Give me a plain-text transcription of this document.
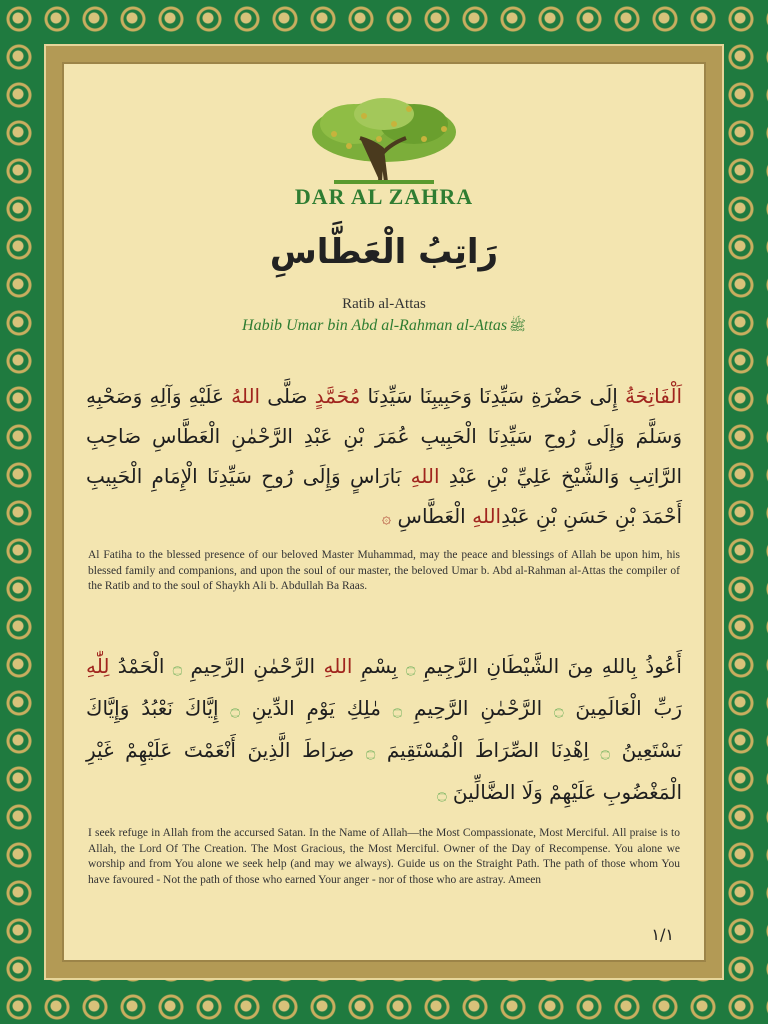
DAR AL ZAHRA
رَاتِبُ الْعَطَّاسِ
Ratib al-Attas
Habib Umar bin Abd al-Rahman al-Attas ﷺ
اَلْفَاتِحَةُ إِلَى حَضْرَةِ سَيِّدِنَا وَحَبِيبِنَا سَيِّدِنَا مُحَمَّدٍ صَلَّى اللهُ عَلَيْهِ وَآلِهِ وَصَحْبِهِ وَسَلَّمَ وَإِلَى رُوحِ سَيِّدِنَا الْحَبِيبِ عُمَرَ بْنِ عَبْدِ الرَّحْمٰنِ الْعَطَّاسِ صَاحِبِ الرَّاتِبِ وَالشَّيْخِ عَلِيِّ بْنِ عَبْدِ اللهِ بَارَاسٍ وَإِلَى رُوحِ سَيِّدِنَا الْإِمَامِ الْحَبِيبِ أَحْمَدَ بْنِ حَسَنِ بْنِ عَبْدِاللهِ الْعَطَّاسِ ۞
Al Fatiha to the blessed presence of our beloved Master Muhammad, may the peace and blessings of Allah be upon him, his blessed family and companions, and upon the soul of our master, the beloved Umar b. Abd al-Rahman al-Attas the compiler of the Ratib and to the soul of Shaykh Ali b. Abdullah Ba Raas.
أَعُوذُ بِاللهِ مِنَ الشَّيْطَانِ الرَّجِيمِ ۝ بِسْمِ اللهِ الرَّحْمٰنِ الرَّحِيمِ ۝ الْحَمْدُ لِلّٰهِ رَبِّ الْعَالَمِينَ ۝ الرَّحْمٰنِ الرَّحِيمِ ۝ مٰلِكِ يَوْمِ الدِّينِ ۝ إِيَّاكَ نَعْبُدُ وَإِيَّاكَ نَسْتَعِينُ ۝ اِهْدِنَا الصِّرَاطَ الْمُسْتَقِيمَ ۝ صِرَاطَ الَّذِينَ أَنْعَمْتَ عَلَيْهِمْ غَيْرِ الْمَغْضُوبِ عَلَيْهِمْ وَلَا الضَّالِّينَ ۝
I seek refuge in Allah from the accursed Satan. In the Name of Allah—the Most Compassionate, Most Merciful. All praise is to Allah, the Lord Of The Creation. The Most Gracious, the Most Merciful. Owner of the Day of Recompense. You alone we worship and from You alone we seek help (and may we always). Guide us on the Straight Path. The path of those whom You have favoured - Not the path of those who earned Your anger - nor of those who are astray. Ameen
١/١
